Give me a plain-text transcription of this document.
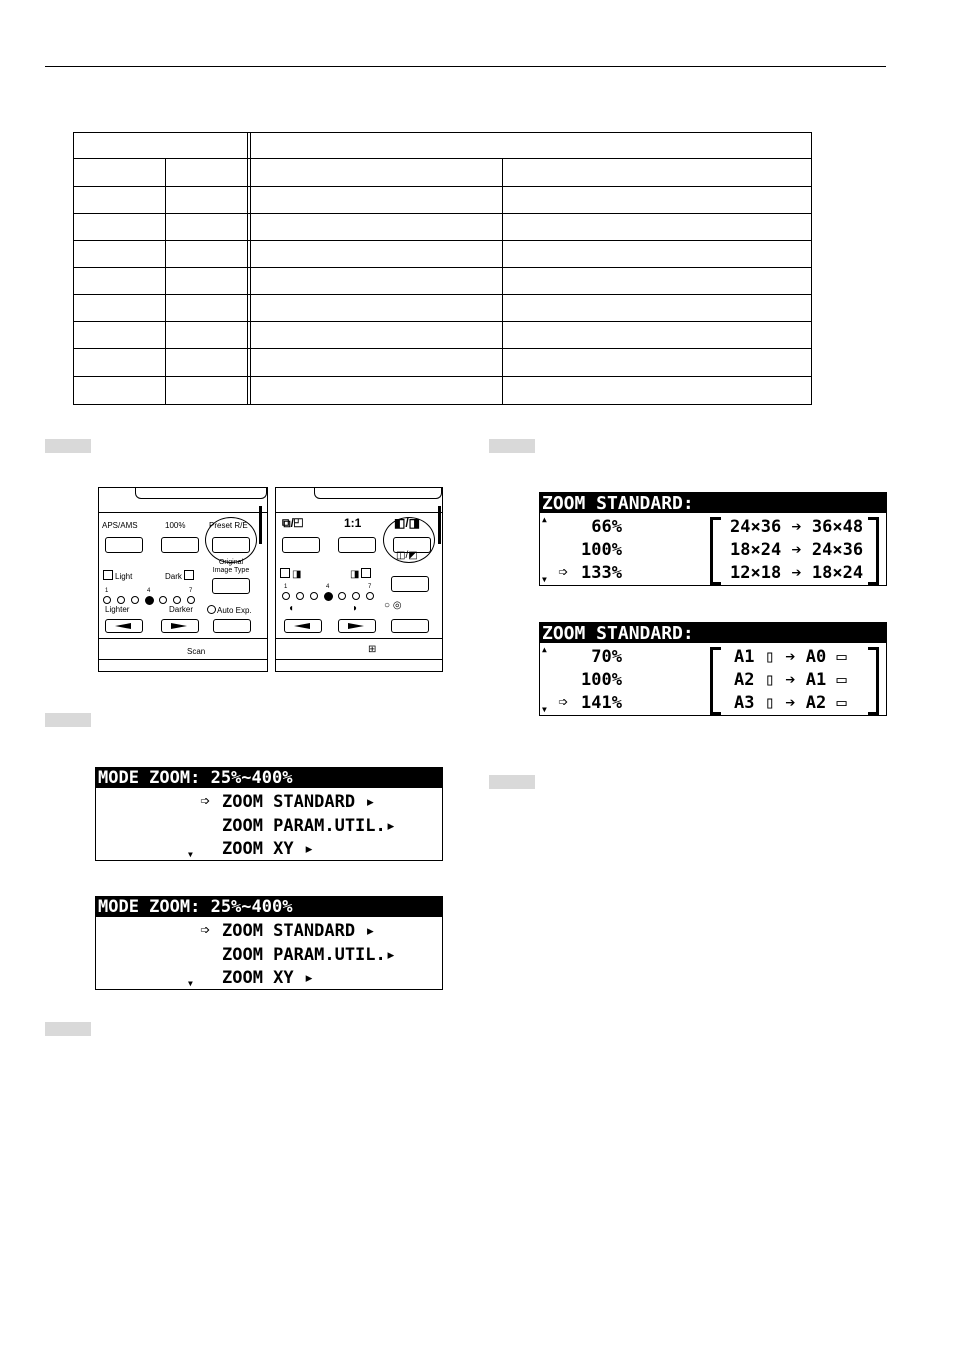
APS/AMS	100%	Preset R/E
Light	Dark
Original Image Type
1	4	7
Lighter	Darker	Auto Exp.
Scan
⧉/◰	1:1	◧/◨
◨	◨
◫/◩
1	4	7
◖	◗	○ ◎
⊞
MODE ZOOM: 25%~400%
➩ ZOOM STANDARD ▸
ZOOM PARAM.UTIL.▸
ZOOM XY ▸
▼
MODE ZOOM: 25%~400%
➩ ZOOM STANDARD ▸
ZOOM PARAM.UTIL.▸
ZOOM XY ▸
▼
ZOOM STANDARD:
▲
▼
66%
100%
➩ 133%
24×36 ➔ 36×48
18×24 ➔ 24×36
12×18 ➔ 18×24
ZOOM STANDARD:
▲
▼
70%
100%
➩ 141%
A1 ▯ ➔ A0 ▭
A2 ▯ ➔ A1 ▭
A3 ▯ ➔ A2 ▭
